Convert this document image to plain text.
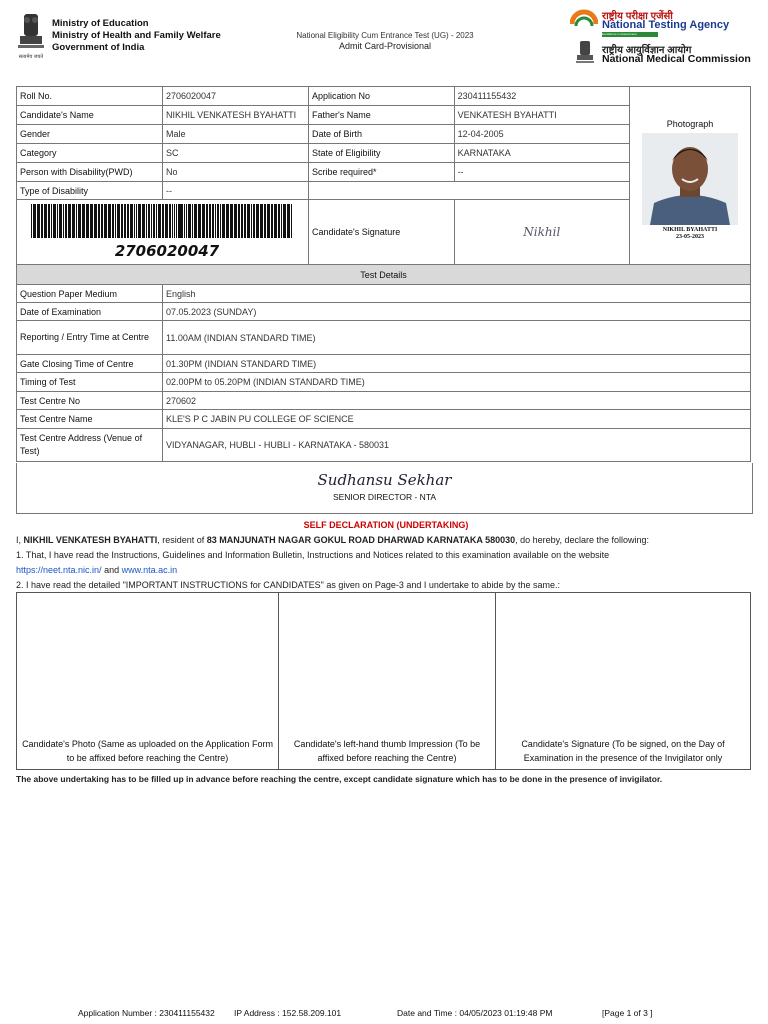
सत्यमेव जयते
Ministry of Education
Ministry of Health and Family Welfare
Government of India
National Eligibility Cum Entrance Test (UG) - 2023
Admit Card-Provisional
राष्ट्रीय परीक्षा एजेंसी
National Testing Agency
Excellence in Assessment
राष्ट्रीय आयुर्विज्ञान आयोग
National Medical Commission
Roll No.	2706020047	Application No	230411155432	Photograph
NIKHIL BYAHATTI
23-05-2023

Candidate's Name	NIKHIL VENKATESH BYAHATTI	Father's Name	VENKATESH BYAHATTI	
Gender	Male	Date of Birth	12-04-2005	
Category	SC	State of Eligibility	KARNATAKA	
Person with Disability(PWD)	No	Scribe required*	--	
Type of Disability	--			

2706020047		Candidate's Signature	Nikhil	
Test Details				
Question Paper Medium	English			
Date of Examination	07.05.2023 (SUNDAY)			
Reporting / Entry Time at Centre	11.00AM (INDIAN STANDARD TIME)			
Gate Closing Time of Centre	01.30PM (INDIAN STANDARD TIME)			
Timing of Test	02.00PM to 05.20PM (INDIAN STANDARD TIME)			
Test Centre No	270602			
Test Centre Name	KLE'S P C JABIN PU COLLEGE OF SCIENCE			
Test Centre Address (Venue of Test)	VIDYANAGAR, HUBLI - HUBLI - KARNATAKA - 580031			
Sudhansu Sekhar
SENIOR DIRECTOR - NTA
SELF DECLARATION (UNDERTAKING)
I, NIKHIL VENKATESH BYAHATTI, resident of 83 MANJUNATH NAGAR GOKUL ROAD DHARWAD KARNATAKA 580030, do hereby, declare the following:
1. That, I have read the Instructions, Guidelines and Information Bulletin, Instructions and Notices related to this examination available on the website
https://neet.nta.nic.in/ and www.nta.ac.in
2. I have read the detailed "IMPORTANT INSTRUCTIONS for CANDIDATES" as given on Page-3 and I undertake to abide by the same.:
Candidate's Photo (Same as uploaded on the Application Form to be affixed before reaching the Centre)
Candidate's left-hand thumb Impression (To be affixed before reaching the Centre)
Candidate's Signature (To be signed, on the Day of Examination in the presence of the Invigilator only
The above undertaking has to be filled up in advance before reaching the centre, except candidate signature which has to be done in the presence of invigilator.
Application Number : 230411155432 IP Address : 152.58.209.101	Date and Time : 04/05/2023 01:19:48 PM	[Page 1 of 3 ]
